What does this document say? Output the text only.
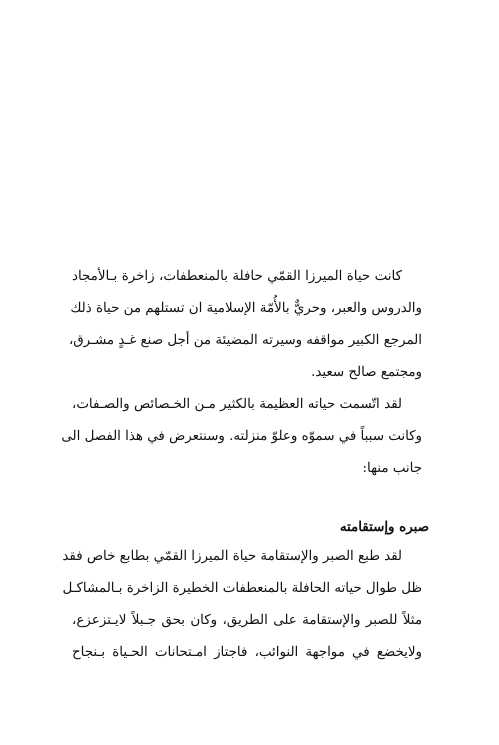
كانت حياة الميرزا القمّي حافلة بالمنعطفات، زاخرة بـالأمجاد
والدروس والعبر، وحريٌّ بالأُمّة الإسلامية ان تستلهم من حياة ذلك
المرجع الكبير مواقفه وسيرته المضيئة من أجل صنع غـدٍ مشـرق،
ومجتمع صالح سعيد.
لقد اتّسمت حياته العظيمة بالكثير مـن الخـصائص والصـفات،
وكانت سبباً في سموّه وعلوّ منزلته. وسنتعرض في هذا الفصل الى
جانب منها:
صبره وإستقامته
لقد طبع الصبر والإستقامة حياة الميرزا القمّي بطابع خاص فقد
ظل طوال حياته الحافلة بالمنعطفات الخطيرة الزاخرة بـالمشاكـل
مثلاً للصبر والإستقامة على الطريق، وكان بحق جـبلاً لايـتزعزع،
ولايخضع في مواجهة النوائب، فاجتاز امـتحانات الحـياة بـنجاح
